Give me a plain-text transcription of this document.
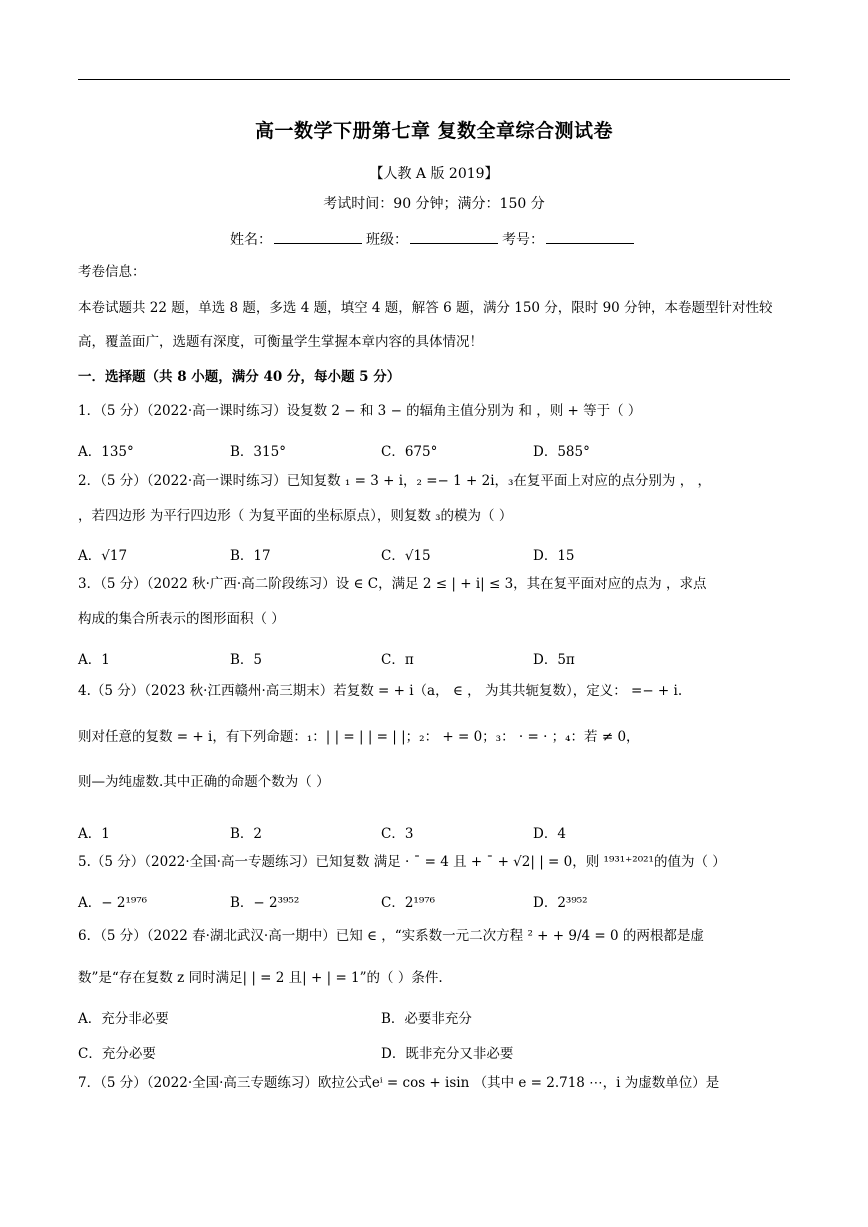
高一数学下册第七章 复数全章综合测试卷
【人教 A 版 2019】
考试时间：90 分钟；满分：150 分
姓名：	班级：	考号：
考卷信息：
本卷试题共 22 题，单选 8 题，多选 4 题，填空 4 题，解答 6 题，满分 150 分，限时 90 分钟，本卷题型针对性较
高，覆盖面广，选题有深度，可衡量学生掌握本章内容的具体情况！
一．选择题（共 8 小题，满分 40 分，每小题 5 分）
1．（5 分）（2022·高一课时练习）设复数 2 − 和 3 − 的辐角主值分别为 和 ，则 + 等于（ ）
A．135°	B．315°	C．675°	D．585°
2．（5 分）（2022·高一课时练习）已知复数 ₁ = 3 + i，₂ =− 1 + 2i，₃在复平面上对应的点分别为 ， ，
，若四边形 为平行四边形（ 为复平面的坐标原点），则复数 ₃的模为（ ）
A．√17	B．17	C．√15	D．15
3．（5 分）（2022 秋·广西·高二阶段练习）设 ∈ C，满足 2 ≤ | + i| ≤ 3，其在复平面对应的点为 ，求点
构成的集合所表示的图形面积（ ）
A．1	B．5	C．π	D．5π
4.（5 分）（2023 秋·江西赣州·高三期末）若复数 = + i（a， ∈ ， 为其共轭复数），定义： =− + i.
则对任意的复数 = + i，有下列命题：₁：| | = | | = | |；₂： + = 0；₃： · = · ；₄：若 ≠ 0，
则—为纯虚数.其中正确的命题个数为（ ）
A．1	B．2	C．3	D．4
5.（5 分）（2022·全国·高一专题练习）已知复数 满足 · ¯ = 4 且 + ¯ + √2| | = 0，则 ¹⁹³¹⁺²⁰²¹的值为（ ）
A．− 2¹⁹⁷⁶	B．− 2³⁹⁵²	C．2¹⁹⁷⁶	D．2³⁹⁵²
6．（5 分）（2022 春·湖北武汉·高一期中）已知 ∈ ，“实系数一元二次方程 ² + + 9/4 = 0 的两根都是虚
数”是“存在复数 z 同时满足| | = 2 且| + | = 1”的（ ）条件.
A．充分非必要	B．必要非充分
C．充分必要	D．既非充分又非必要
7．（5 分）（2022·全国·高三专题练习）欧拉公式eⁱ = cos + isin （其中 e = 2.718 ⋯，i 为虚数单位）是
